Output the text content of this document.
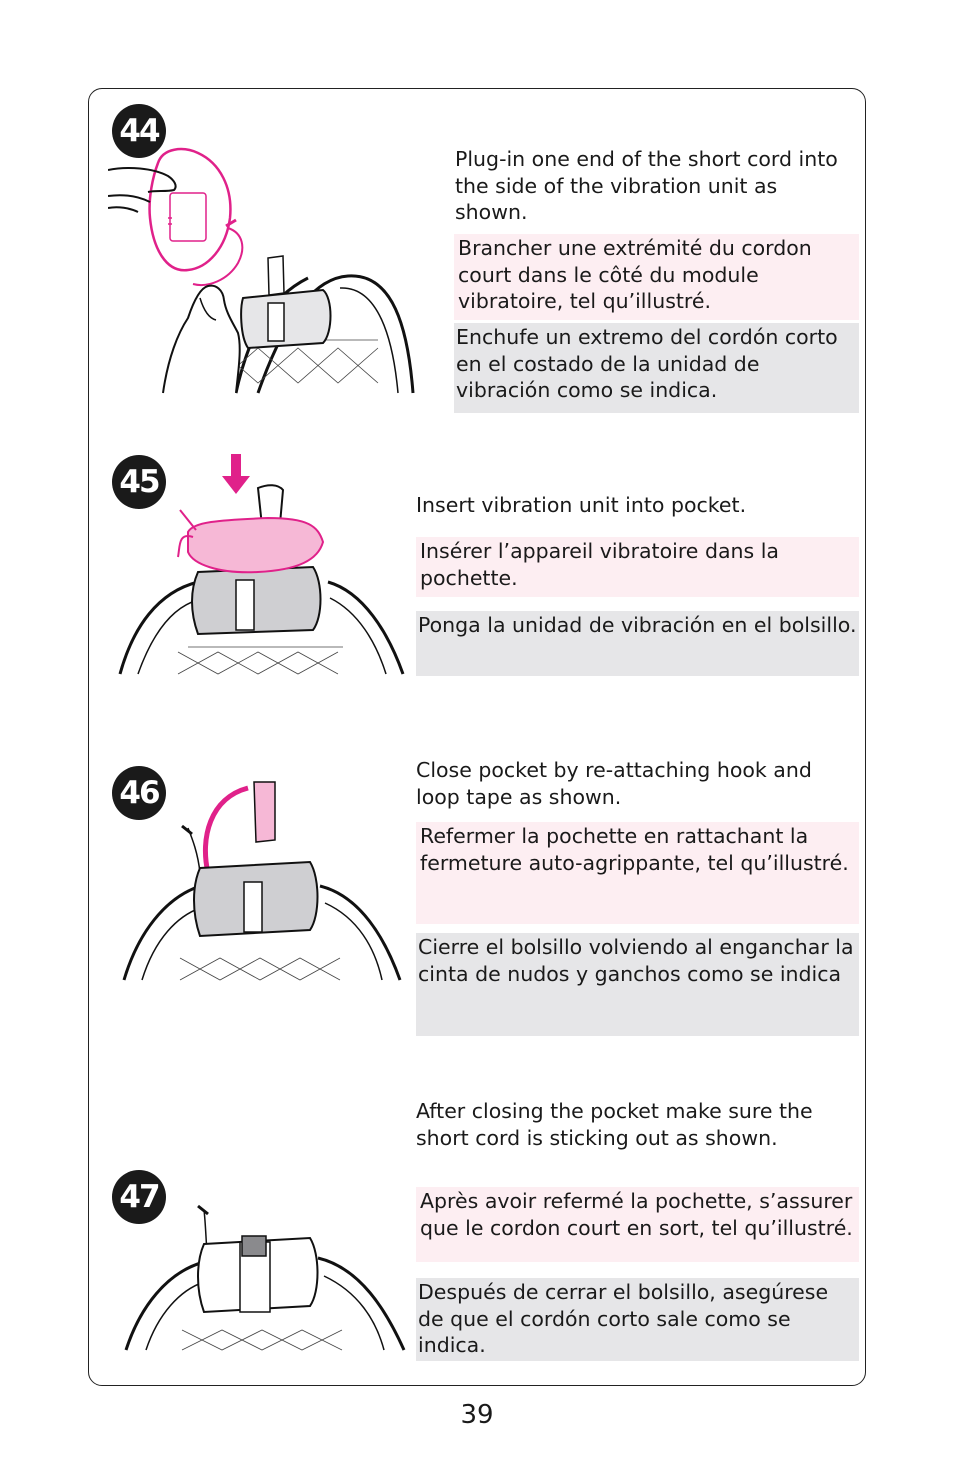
44

Plug-in one end of the short cord into the side of the vibration unit as shown.

Brancher une extrémité du cordon court dans le côté du module vibratoire, tel qu’illustré.

Enchufe un extremo del cordón corto en el costado de la unidad de vibración como se indica.

45

Insert vibration unit into pocket.

Insérer l’appareil vibratoire dans la pochette.

Ponga la unidad de vibración en el bolsillo.

46

Close pocket by re-attaching hook and loop tape as shown.

Refermer la pochette en rattachant la fermeture auto-agrippante, tel qu’illustré.

Cierre el bolsillo volviendo al enganchar la cinta de nudos y ganchos como se indica

47

After closing the pocket make sure the short cord is sticking out as shown.

Après avoir refermé la pochette, s’assurer que le cordon court en sort, tel qu’illustré.

Después de cerrar el bolsillo, asegúrese de que el cordón corto sale como se indica.

39
